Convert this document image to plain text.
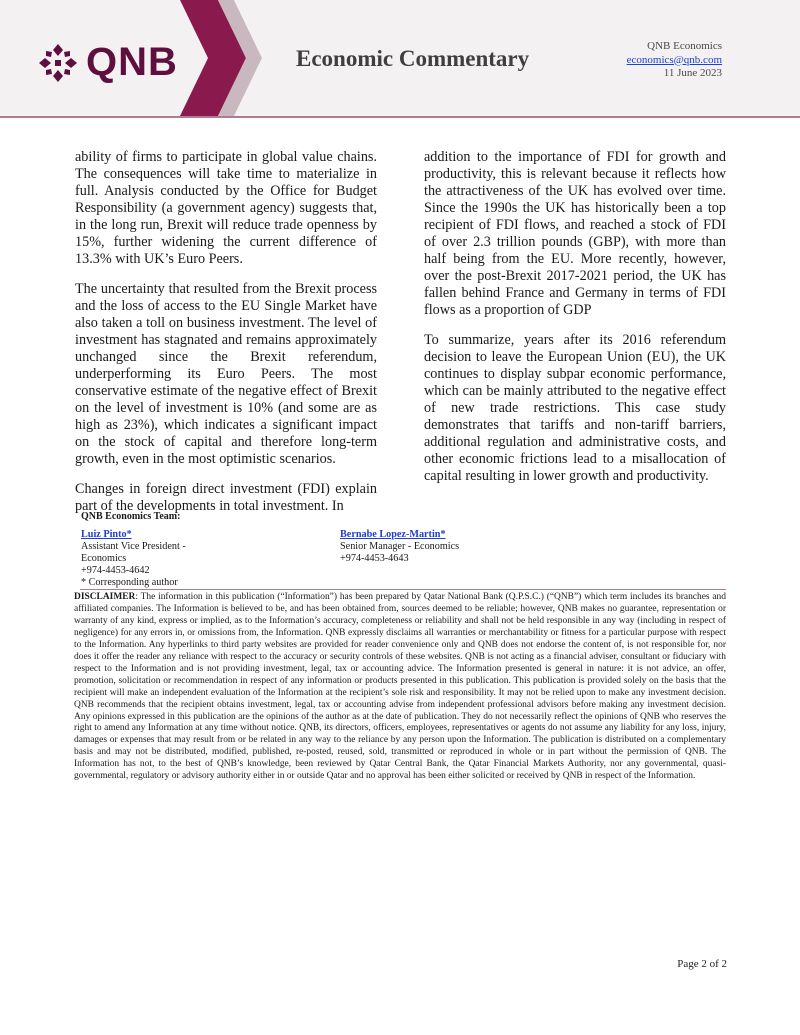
QNB	Economic Commentary	QNB Economics
economics@qnb.com
11 June 2023

ability of firms to participate in global value chains. The consequences will take time to materialize in full. Analysis conducted by the Office for Budget Responsibility (a government agency) suggests that, in the long run, Brexit will reduce trade openness by 15%, further widening the current difference of 13.3% with UK’s Euro Peers.

The uncertainty that resulted from the Brexit process and the loss of access to the EU Single Market have also taken a toll on business investment. The level of investment has stagnated and remains approximately unchanged since the Brexit referendum, underperforming its Euro Peers. The most conservative estimate of the negative effect of Brexit on the level of investment is 10% (and some are as high as 23%), which indicates a significant impact on the stock of capital and therefore long-term growth, even in the most optimistic scenarios.

Changes in foreign direct investment (FDI) explain part of the developments in total investment. In

addition to the importance of FDI for growth and productivity, this is relevant because it reflects how the attractiveness of the UK has evolved over time. Since the 1990s the UK has historically been a top recipient of FDI flows, and reached a stock of FDI of over 2.3 trillion pounds (GBP), with more than half being from the EU. More recently, however, over the post-Brexit 2017-2021 period, the UK has fallen behind France and Germany in terms of FDI flows as a proportion of GDP

To summarize, years after its 2016 referendum decision to leave the European Union (EU), the UK continues to display subpar economic performance, which can be mainly attributed to the negative effect of new trade restrictions. This case study demonstrates that tariffs and non-tariff barriers, additional regulation and administrative costs, and other economic frictions lead to a misallocation of capital resulting in lower growth and productivity.

QNB Economics Team:
Luiz Pinto*
Assistant Vice President - Economics
+974-4453-4642
* Corresponding author
Bernabe Lopez-Martin*
Senior Manager - Economics
+974-4453-4643
DISCLAIMER: The information in this publication (“Information”) has been prepared by Qatar National Bank (Q.P.S.C.) (“QNB”) which term includes its branches and affiliated companies. The Information is believed to be, and has been obtained from, sources deemed to be reliable; however, QNB makes no guarantee, representation or warranty of any kind, express or implied, as to the Information’s accuracy, completeness or reliability and shall not be held responsible in any way (including in respect of negligence) for any errors in, or omissions from, the Information. QNB expressly disclaims all warranties or merchantability or fitness for a particular purpose with respect to the Information. Any hyperlinks to third party websites are provided for reader convenience only and QNB does not endorse the content of, is not responsible for, nor does it offer the reader any reliance with respect to the accuracy or security controls of these websites. QNB is not acting as a financial adviser, consultant or fiduciary with respect to the Information and is not providing investment, legal, tax or accounting advice. The Information presented is general in nature: it is not advice, an offer, promotion, solicitation or recommendation in respect of any information or products presented in this publication. This publication is provided solely on the basis that the recipient will make an independent evaluation of the Information at the recipient’s sole risk and responsibility. It may not be relied upon to make any investment decision. QNB recommends that the recipient obtains investment, legal, tax or accounting advise from independent professional advisors before making any investment decision. Any opinions expressed in this publication are the opinions of the author as at the date of publication. They do not necessarily reflect the opinions of QNB who reserves the right to amend any Information at any time without notice. QNB, its directors, officers, employees, representatives or agents do not assume any liability for any loss, injury, damages or expenses that may result from or be related in any way to the reliance by any person upon the Information. The publication is distributed on a complementary basis and may not be distributed, modified, published, re-posted, reused, sold, transmitted or reproduced in whole or in part without the permission of QNB. The Information has not, to the best of QNB’s knowledge, been reviewed by Qatar Central Bank, the Qatar Financial Markets Authority, nor any governmental, quasi-governmental, regulatory or advisory authority either in or outside Qatar and no approval has been either solicited or received by QNB in respect of the Information.
Page 2 of 2
